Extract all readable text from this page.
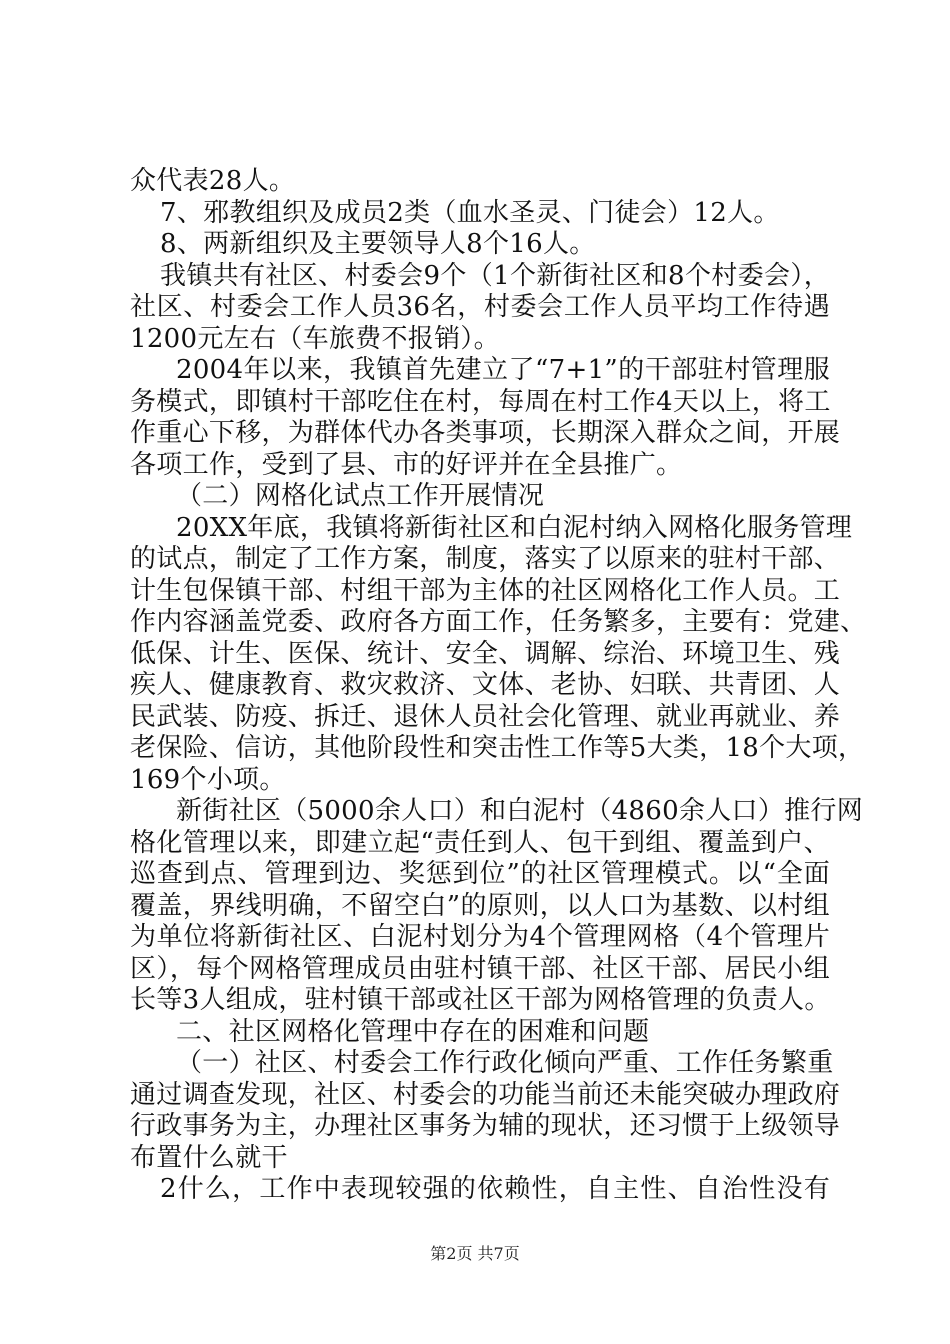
众代表28人。
7、邪教组织及成员2类（血水圣灵、门徒会）12人。
8、两新组织及主要领导人8个16人。
我镇共有社区、村委会9个（1个新街社区和8个村委会），
社区、村委会工作人员36名，村委会工作人员平均工作待遇
1200元左右（车旅费不报销）。
2004年以来，我镇首先建立了“7+1”的干部驻村管理服
务模式，即镇村干部吃住在村，每周在村工作4天以上，将工
作重心下移，为群体代办各类事项，长期深入群众之间，开展
各项工作，受到了县、市的好评并在全县推广。
（二）网格化试点工作开展情况
20XX年底，我镇将新街社区和白泥村纳入网格化服务管理
的试点，制定了工作方案，制度，落实了以原来的驻村干部、
计生包保镇干部、村组干部为主体的社区网格化工作人员。工
作内容涵盖党委、政府各方面工作，任务繁多，主要有：党建、
低保、计生、医保、统计、安全、调解、综治、环境卫生、残
疾人、健康教育、救灾救济、文体、老协、妇联、共青团、人
民武装、防疫、拆迁、退休人员社会化管理、就业再就业、养
老保险、信访，其他阶段性和突击性工作等5大类，18个大项，
169个小项。
新街社区（5000余人口）和白泥村（4860余人口）推行网
格化管理以来，即建立起“责任到人、包干到组、覆盖到户、
巡查到点、管理到边、奖惩到位”的社区管理模式。以“全面
覆盖，界线明确，不留空白”的原则，以人口为基数、以村组
为单位将新街社区、白泥村划分为4个管理网格（4个管理片
区），每个网格管理成员由驻村镇干部、社区干部、居民小组
长等3人组成，驻村镇干部或社区干部为网格管理的负责人。
二、社区网格化管理中存在的困难和问题
（一）社区、村委会工作行政化倾向严重、工作任务繁重
通过调查发现，社区、村委会的功能当前还未能突破办理政府
行政事务为主，办理社区事务为辅的现状，还习惯于上级领导
布置什么就干
2什么，工作中表现较强的依赖性，自主性、自治性没有
第2页 共7页
